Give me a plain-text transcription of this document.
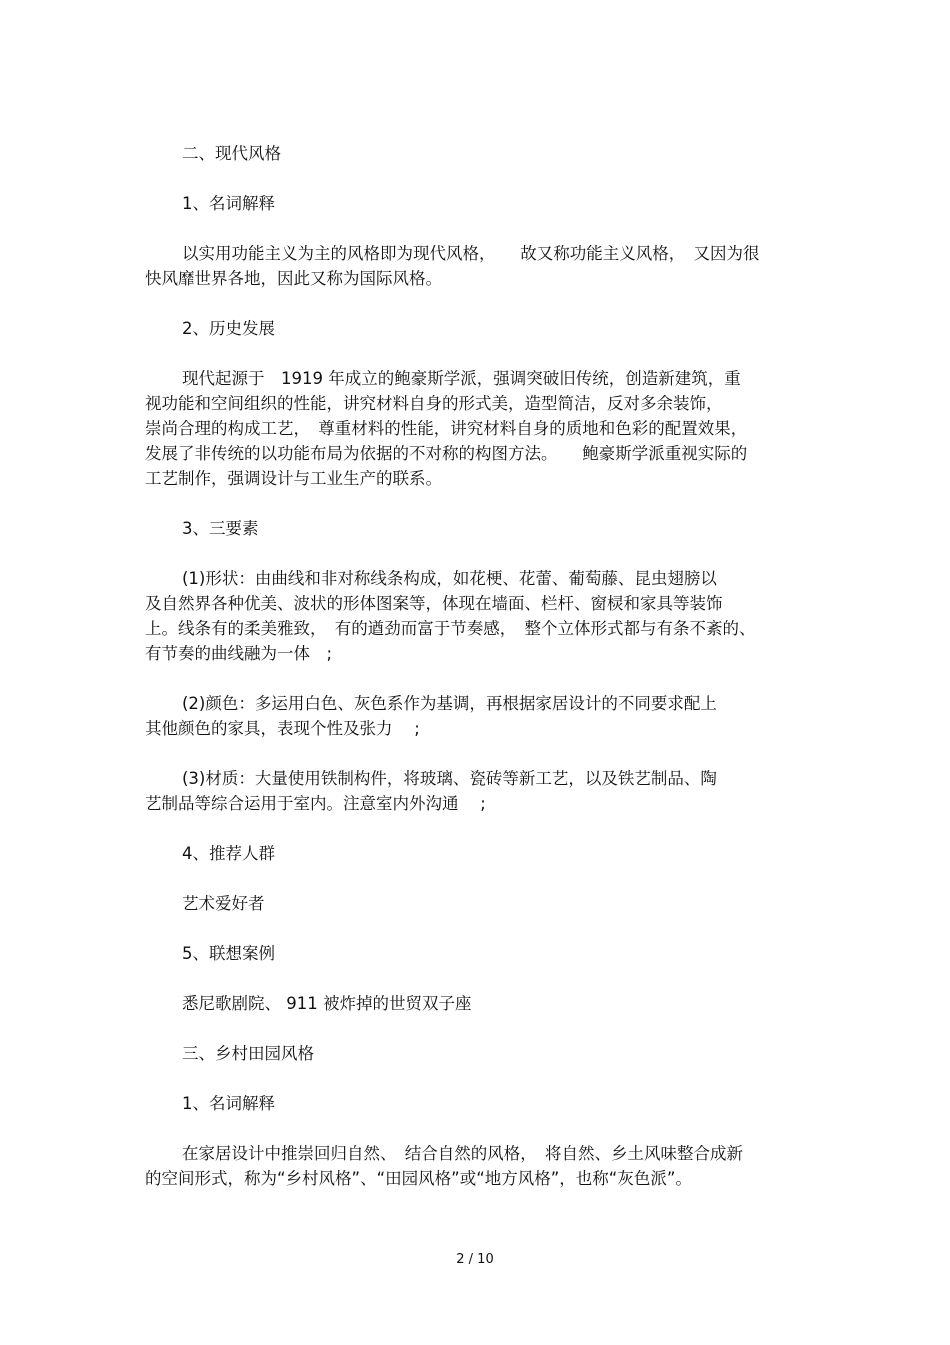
二、现代风格
1、名词解释
以实用功能主义为主的风格即为现代风格，　　故又称功能主义风格，　又因为很
快风靡世界各地，因此又称为国际风格。
2、历史发展
现代起源于　1919 年成立的鲍豪斯学派，强调突破旧传统，创造新建筑，重
视功能和空间组织的性能，讲究材料自身的形式美，造型简洁，反对多余装饰，
崇尚合理的构成工艺，　尊重材料的性能，讲究材料自身的质地和色彩的配置效果，
发展了非传统的以功能布局为依据的不对称的构图方法。　　鲍豪斯学派重视实际的
工艺制作，强调设计与工业生产的联系。
3、三要素
(1)形状：由曲线和非对称线条构成，如花梗、花蕾、葡萄藤、昆虫翅膀以
及自然界各种优美、波状的形体图案等，体现在墙面、栏杆、窗棂和家具等装饰
上。线条有的柔美雅致，　有的遒劲而富于节奏感，　整个立体形式都与有条不紊的、
有节奏的曲线融为一体　;
(2)颜色：多运用白色、灰色系作为基调，再根据家居设计的不同要求配上
其他颜色的家具，表现个性及张力　 ;
(3)材质：大量使用铁制构件，将玻璃、瓷砖等新工艺，以及铁艺制品、陶
艺制品等综合运用于室内。注意室内外沟通　 ;
4、推荐人群
艺术爱好者
5、联想案例
悉尼歌剧院、 911 被炸掉的世贸双子座
三、乡村田园风格
1、名词解释
在家居设计中推崇回归自然、　结合自然的风格，　将自然、乡土风味整合成新
的空间形式，称为“乡村风格”、“田园风格”或“地方风格”，也称“灰色派”。
2 / 10
